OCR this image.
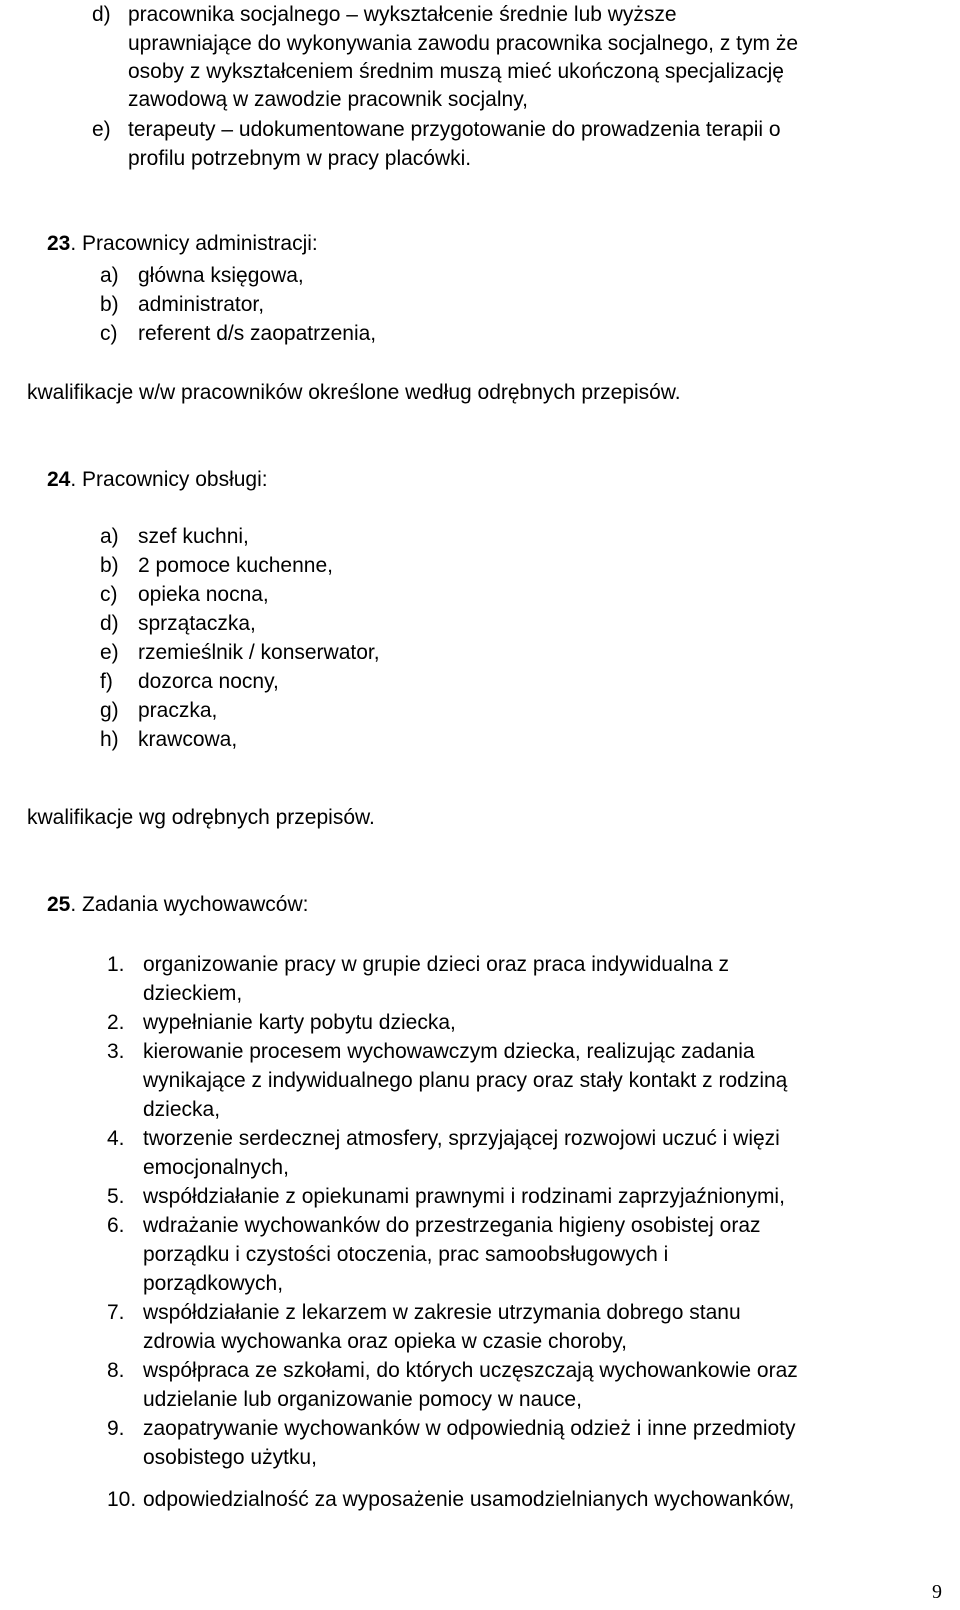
d) pracownika socjalnego – wykształcenie średnie lub wyższe
uprawniające do wykonywania zawodu pracownika socjalnego, z tym że
osoby z wykształceniem średnim muszą mieć ukończoną specjalizację
zawodową w zawodzie pracownik socjalny,
e) terapeuty – udokumentowane przygotowanie do prowadzenia terapii o
profilu potrzebnym w pracy placówki.
23. Pracownicy administracji:
a) główna księgowa,
b) administrator,
c) referent d/s zaopatrzenia,
kwalifikacje w/w pracowników określone według odrębnych przepisów.
24. Pracownicy obsługi:
a) szef kuchni,
b) 2 pomoce kuchenne,
c) opieka nocna,
d) sprzątaczka,
e) rzemieślnik / konserwator,
f) dozorca nocny,
g) praczka,
h) krawcowa,
kwalifikacje wg odrębnych przepisów.
25. Zadania wychowawców:
1. organizowanie pracy w grupie dzieci oraz praca indywidualna z
dzieckiem,
2. wypełnianie karty pobytu dziecka,
3. kierowanie procesem wychowawczym dziecka, realizując zadania
wynikające z indywidualnego planu pracy oraz stały kontakt z rodziną
dziecka,
4. tworzenie serdecznej atmosfery, sprzyjającej rozwojowi uczuć i więzi
emocjonalnych,
5. współdziałanie z opiekunami prawnymi i rodzinami zaprzyjaźnionymi,
6. wdrażanie wychowanków do przestrzegania higieny osobistej oraz
porządku i czystości otoczenia, prac samoobsługowych i
porządkowych,
7. współdziałanie z lekarzem w zakresie utrzymania dobrego stanu
zdrowia wychowanka oraz opieka w czasie choroby,
8. współpraca ze szkołami, do których uczęszczają wychowankowie oraz
udzielanie lub organizowanie pomocy w nauce,
9. zaopatrywanie wychowanków w odpowiednią odzież i inne przedmioty
osobistego użytku,
10. odpowiedzialność za wyposażenie usamodzielnianych wychowanków,
9
